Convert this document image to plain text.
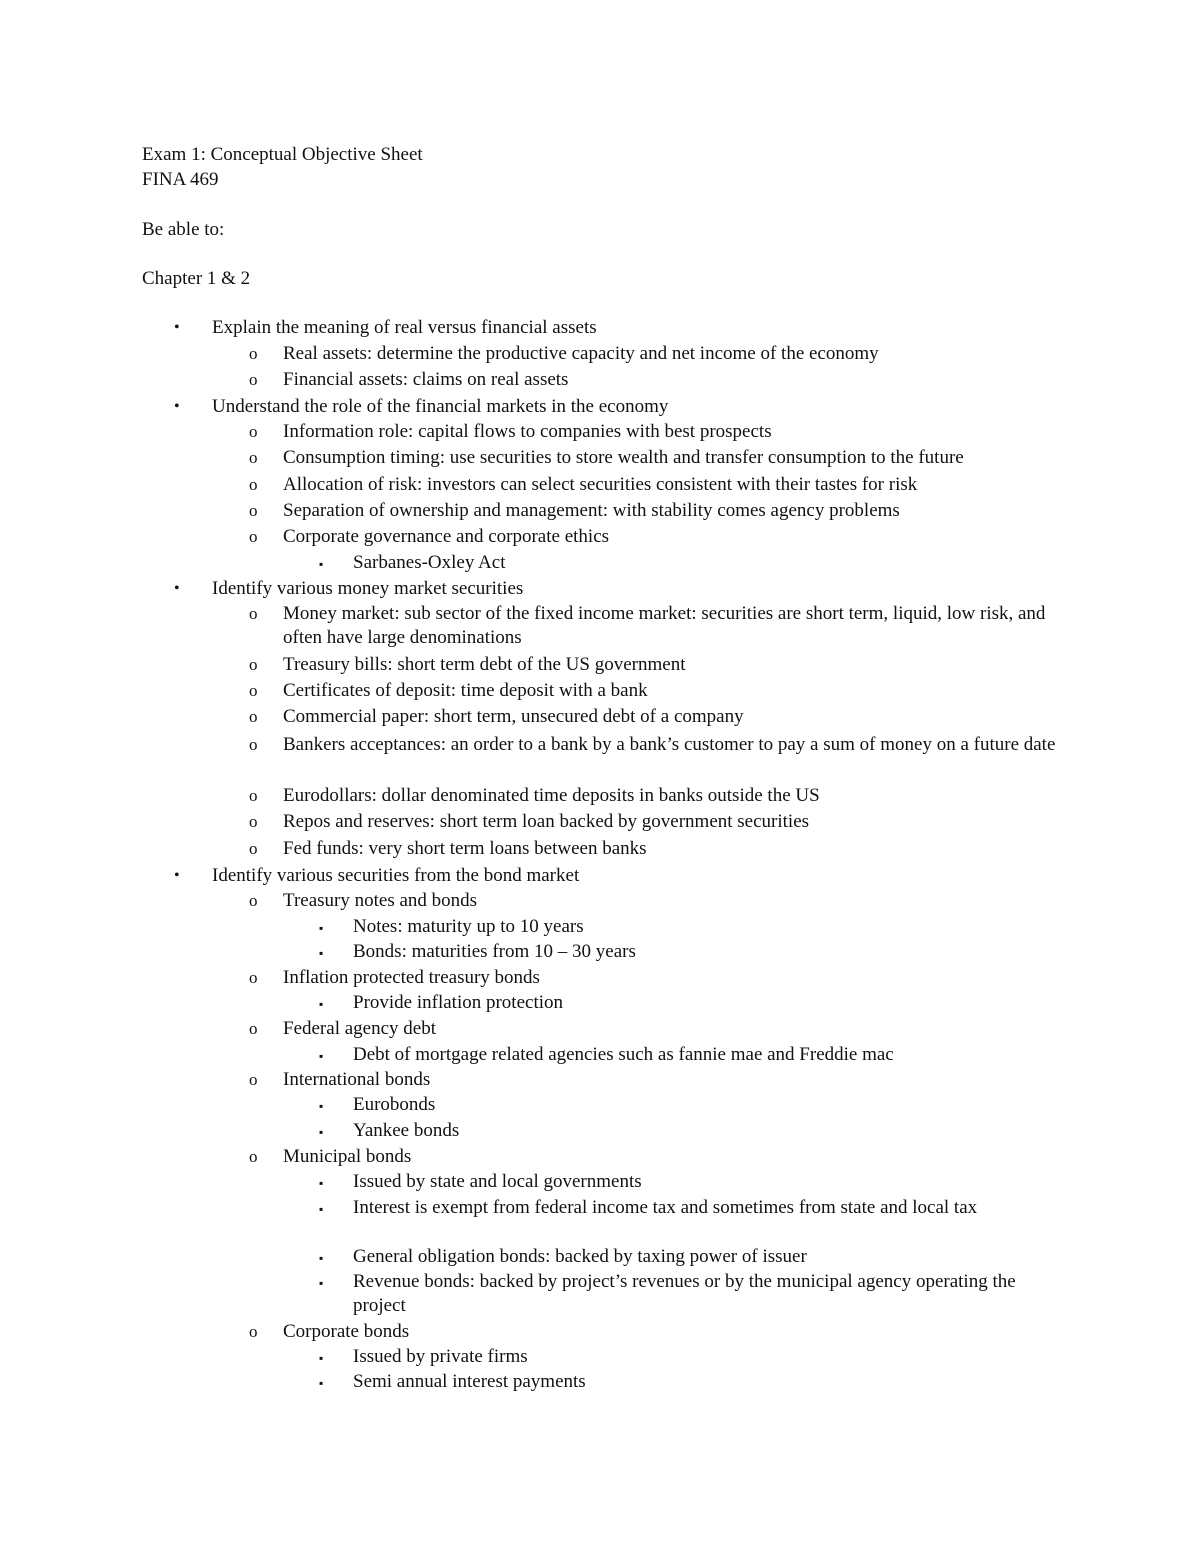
Exam 1: Conceptual Objective Sheet
FINA 469
Be able to:
Chapter 1 & 2
• Explain the meaning of real versus financial assets
o Real assets: determine the productive capacity and net income of the economy
o Financial assets: claims on real assets
• Understand the role of the financial markets in the economy
o Information role: capital flows to companies with best prospects
o Consumption timing: use securities to store wealth and transfer consumption to the future
o Allocation of risk: investors can select securities consistent with their tastes for risk
o Separation of ownership and management: with stability comes agency problems
o Corporate governance and corporate ethics
▪ Sarbanes-Oxley Act
• Identify various money market securities
o Money market: sub sector of the fixed income market: securities are short term, liquid, low risk, and often have large denominations
o Treasury bills: short term debt of the US government
o Certificates of deposit: time deposit with a bank
o Commercial paper: short term, unsecured debt of a company
o Bankers acceptances: an order to a bank by a bank’s customer to pay a sum of money on a future date
o Eurodollars: dollar denominated time deposits in banks outside the US
o Repos and reserves: short term loan backed by government securities
o Fed funds: very short term loans between banks
• Identify various securities from the bond market
o Treasury notes and bonds
▪ Notes: maturity up to 10 years
▪ Bonds: maturities from 10 – 30 years
o Inflation protected treasury bonds
▪ Provide inflation protection
o Federal agency debt
▪ Debt of mortgage related agencies such as fannie mae and Freddie mac
o International bonds
▪ Eurobonds
▪ Yankee bonds
o Municipal bonds
▪ Issued by state and local governments
▪ Interest is exempt from federal income tax and sometimes from state and local tax
▪ General obligation bonds: backed by taxing power of issuer
▪ Revenue bonds: backed by project’s revenues or by the municipal agency operating the project
o Corporate bonds
▪ Issued by private firms
▪ Semi annual interest payments
